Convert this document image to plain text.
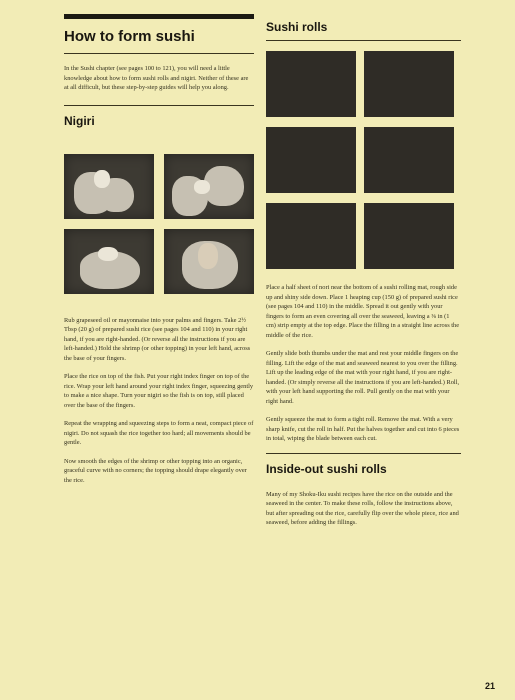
How to form sushi

In the Sushi chapter (see pages 100 to 121), you will need a little knowledge about how to form sushi rolls and nigiri. Neither of these are at all difficult, but these step-by-step guides will help you along.

Nigiri

Rub grapeseed oil or mayonnaise into your palms and fingers. Take 2½ Tbsp (20 g) of prepared sushi rice (see pages 104 and 110) in your right hand, if you are right-handed. (Or reverse all the instructions if you are left-handed.) Hold the shrimp (or other topping) in your left hand, across the base of your fingers.

Place the rice on top of the fish. Put your right index finger on top of the rice. Wrap your left hand around your right index finger, squeezing gently to make a nice shape. Turn your nigiri so the fish is on top, still placed over the base of the fingers.

Repeat the wrapping and squeezing steps to form a neat, compact piece of nigiri. Do not squash the rice together too hard; all movements should be gentle.

Now smooth the edges of the shrimp or other topping into an organic, graceful curve with no corners; the topping should drape elegantly over the rice.

Sushi rolls

Place a half sheet of nori near the bottom of a sushi rolling mat, rough side up and shiny side down. Place 1 heaping cup (150 g) of prepared sushi rice (see pages 104 and 110) in the middle. Spread it out gently with your fingers to form an even covering all over the seaweed, leaving a ⅜ in (1 cm) strip empty at the top edge. Place the filling in a straight line across the middle of the rice.

Gently slide both thumbs under the mat and rest your middle fingers on the filling. Lift the edge of the mat and seaweed nearest to you over the filling. Lift up the leading edge of the mat with your right hand, if you are right-handed. (Or simply reverse all the instructions if you are left-handed.) Roll, with your left hand supporting the roll. Pull gently on the mat with your right hand.

Gently squeeze the mat to form a tight roll. Remove the mat. With a very sharp knife, cut the roll in half. Put the halves together and cut into 6 pieces in total, wiping the blade between each cut.

Inside-out sushi rolls

Many of my Shoku-Iku sushi recipes have the rice on the outside and the seaweed in the center. To make these rolls, follow the instructions above, but after spreading out the rice, carefully flip over the whole piece, rice and seaweed, before adding the fillings.

21
